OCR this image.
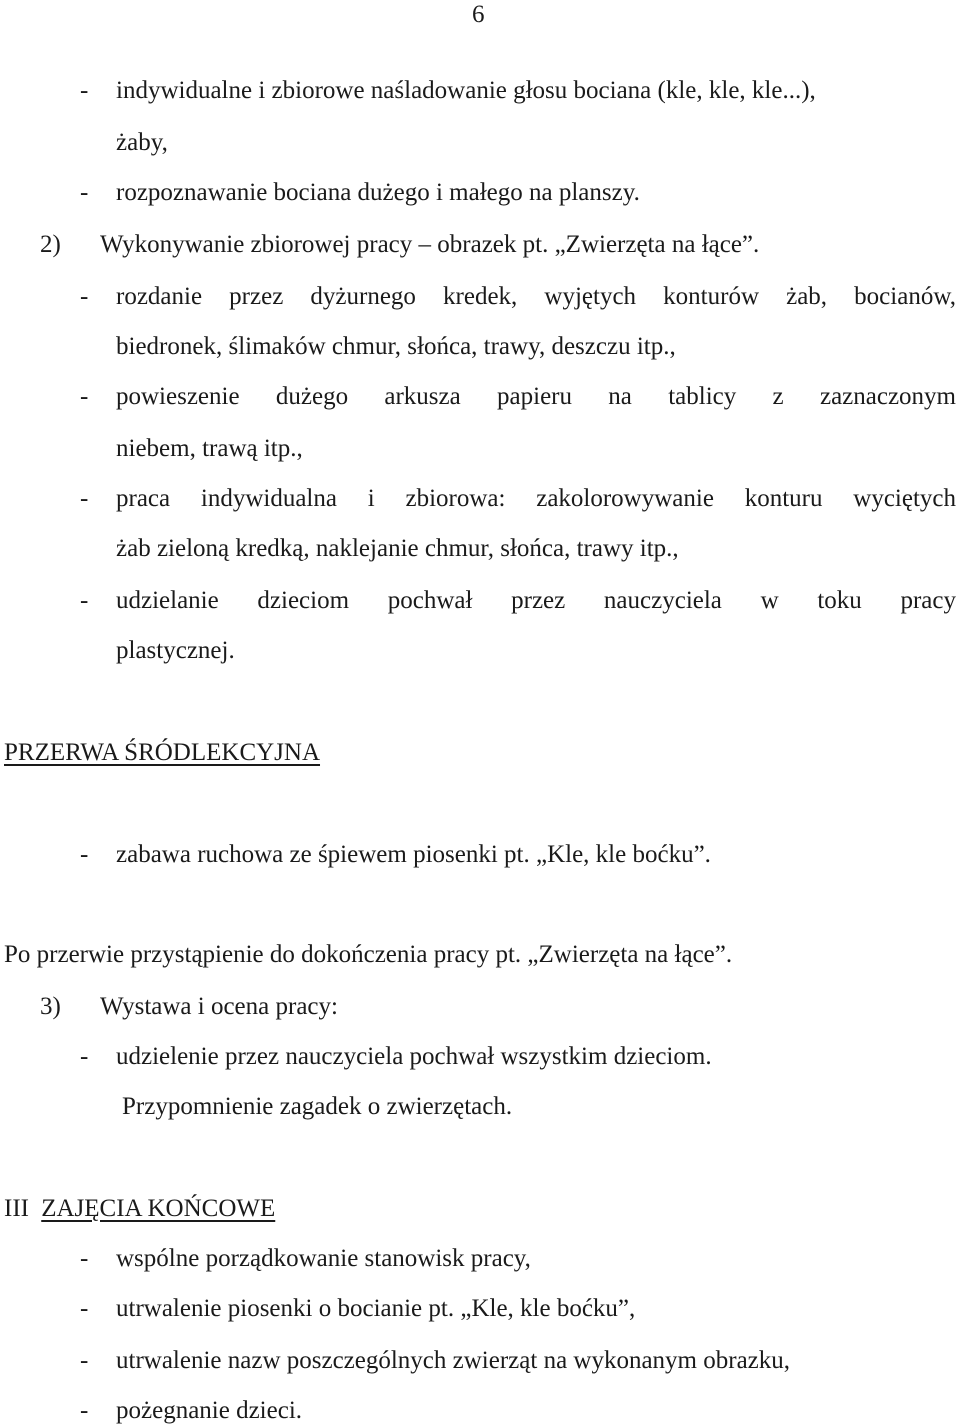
6
- indywidualne i zbiorowe naśladowanie głosu bociana (kle, kle, kle...),
żaby,
- rozpoznawanie bociana dużego i małego na planszy.
2) Wykonywanie zbiorowej pracy – obrazek pt. „Zwierzęta na łące”.
- rozdanie przez dyżurnego kredek, wyjętych konturów żab, bocianów,
biedronek, ślimaków chmur, słońca, trawy, deszczu itp.,
- powieszenie dużego arkusza papieru na tablicy z zaznaczonym
niebem, trawą itp.,
- praca indywidualna i zbiorowa: zakolorowywanie konturu wyciętych
żab zieloną kredką, naklejanie chmur, słońca, trawy itp.,
- udzielanie dzieciom pochwał przez nauczyciela w toku pracy
plastycznej.
PRZERWA ŚRÓDLEKCYJNA
- zabawa ruchowa ze śpiewem piosenki pt. „Kle, kle boćku”.
Po przerwie przystąpienie do dokończenia pracy pt. „Zwierzęta na łące”.
3) Wystawa i ocena pracy:
- udzielenie przez nauczyciela pochwał wszystkim dzieciom.
Przypomnienie zagadek o zwierzętach.
III ZAJĘCIA KOŃCOWE
- wspólne porządkowanie stanowisk pracy,
- utrwalenie piosenki o bocianie pt. „Kle, kle boćku”,
- utrwalenie nazw poszczególnych zwierząt na wykonanym obrazku,
- pożegnanie dzieci.
